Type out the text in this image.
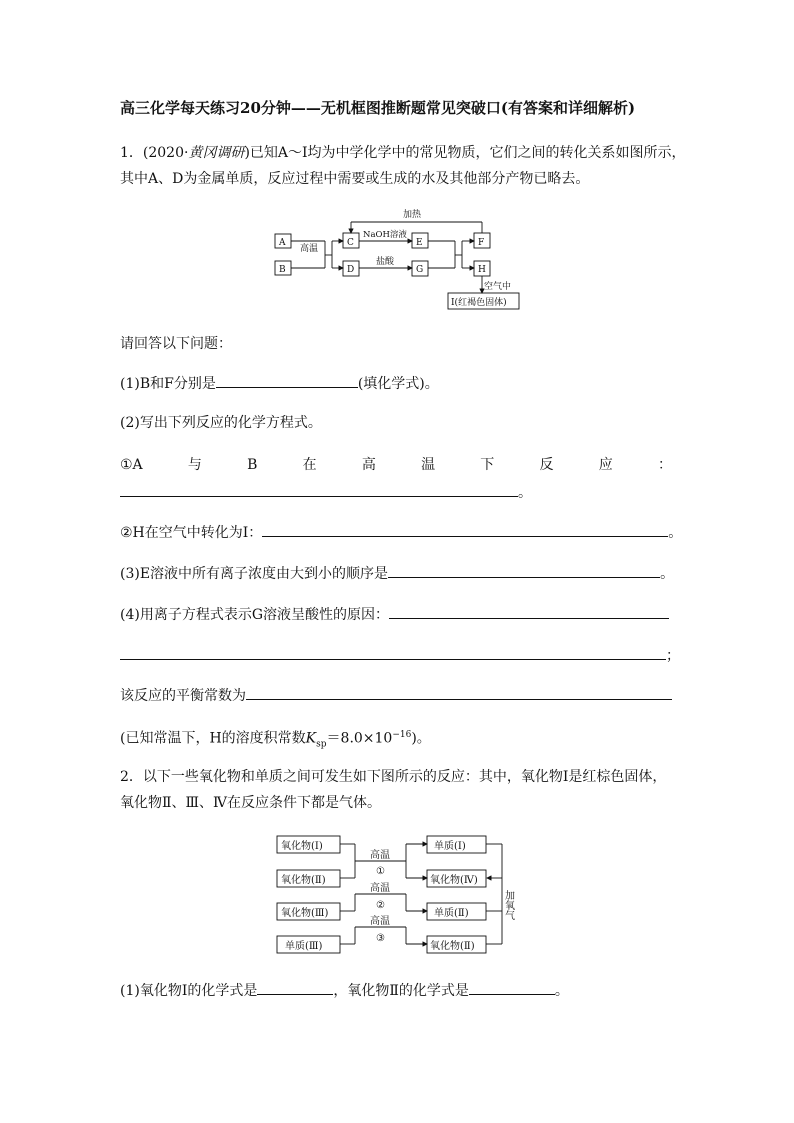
高三化学每天练习20分钟——无机框图推断题常见突破口(有答案和详细解析)
1．(2020·黄冈调研)已知A～I均为中学化学中的常见物质，它们之间的转化关系如图所示，
其中A、D为金属单质，反应过程中需要或生成的水及其他部分产物已略去。
A
B
C
D
E	F
G	H
I(红褐色固体)
加热
高温
NaOH溶液
盐酸
空气中
请回答以下问题：
(1)B和F分别是	(填化学式)。
(2)写出下列反应的化学方程式。
①A	与	B	在	高	温	下	反	应	：
。
②H在空气中转化为I：	。
(3)E溶液中所有离子浓度由大到小的顺序是	。
(4)用离子方程式表示G溶液呈酸性的原因：
；
该反应的平衡常数为
(已知常温下，H的溶度积常数$K_{sp}=8.0\times 10^{-16}$)。
2．以下一些氧化物和单质之间可发生如下图所示的反应：其中，氧化物Ⅰ是红棕色固体，
氧化物Ⅱ、Ⅲ、Ⅳ在反应条件下都是气体。
氧化物(Ⅰ)
氧化物(Ⅱ)
氧化物(Ⅲ)
单质(Ⅲ)
单质(Ⅰ)
氧化物(Ⅳ)
单质(Ⅱ)
氧化物(Ⅱ)
高温
①
高温
②
高温
③
加氧气
(1)氧化物Ⅰ的化学式是	，氧化物Ⅱ的化学式是	。
